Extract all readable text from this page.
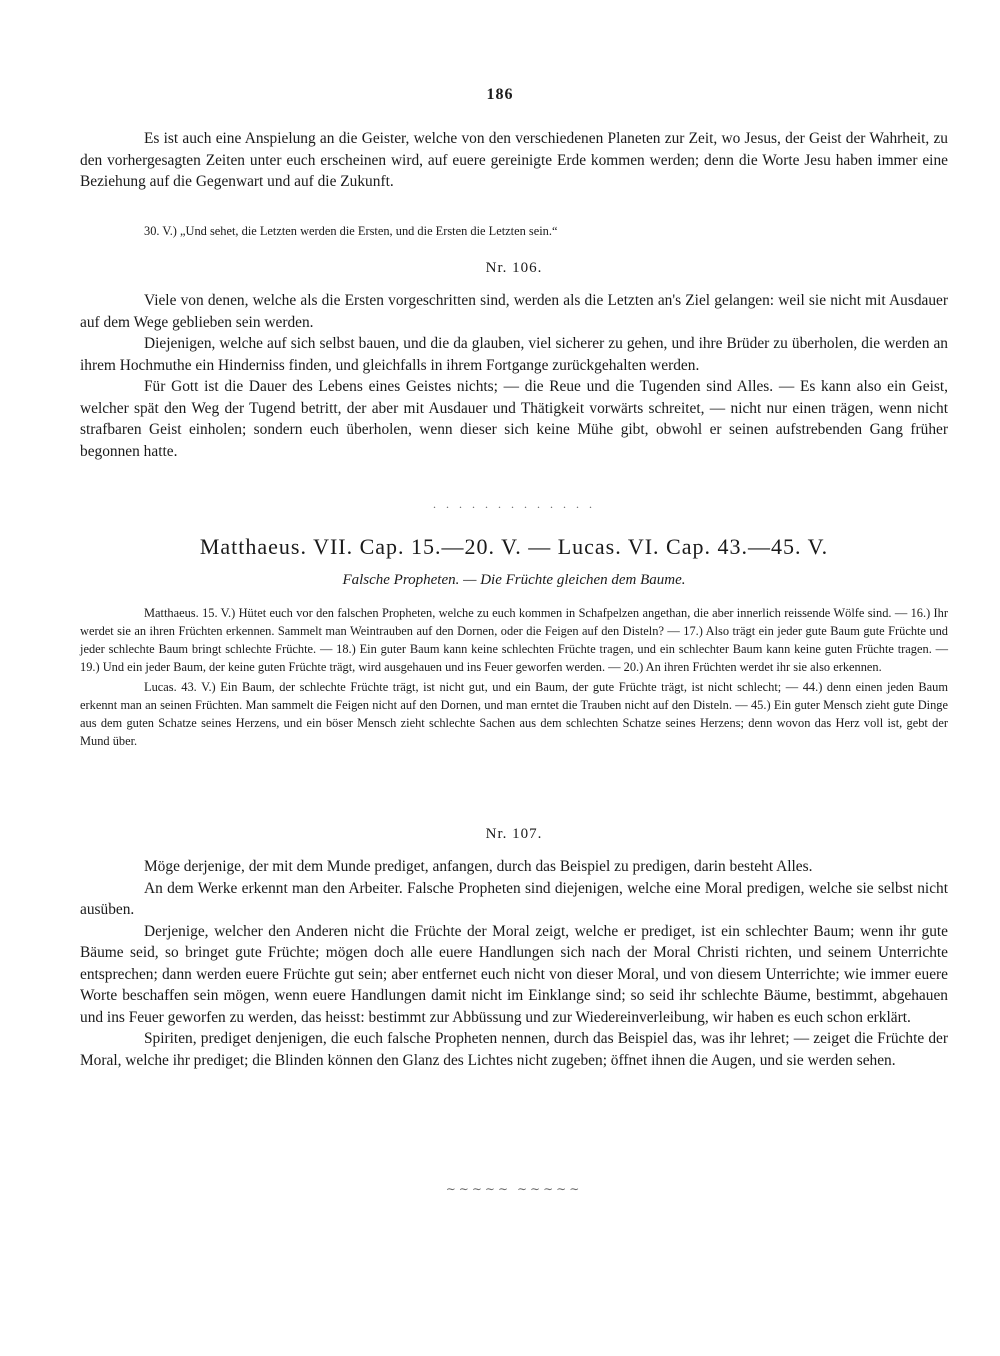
186

Es ist auch eine Anspielung an die Geister, welche von den verschiedenen Planeten zur Zeit, wo Jesus, der Geist der Wahrheit, zu den vorhergesagten Zeiten unter euch erscheinen wird, auf euere gereinigte Erde kommen werden; denn die Worte Jesu haben immer eine Beziehung auf die Gegenwart und auf die Zukunft.

30. V.) „Und sehet, die Letzten werden die Ersten, und die Ersten die Letzten sein.“

Nr. 106.

Viele von denen, welche als die Ersten vorgeschritten sind, werden als die Letzten an's Ziel gelangen: weil sie nicht mit Ausdauer auf dem Wege geblieben sein werden.

Diejenigen, welche auf sich selbst bauen, und die da glauben, viel sicherer zu gehen, und ihre Brüder zu überholen, die werden an ihrem Hochmuthe ein Hinderniss finden, und gleichfalls in ihrem Fortgange zurückgehalten werden.

Für Gott ist die Dauer des Lebens eines Geistes nichts; — die Reue und die Tugenden sind Alles. — Es kann also ein Geist, welcher spät den Weg der Tugend betritt, der aber mit Ausdauer und Thätigkeit vorwärts schreitet, — nicht nur einen trägen, wenn nicht strafbaren Geist einholen; sondern euch überholen, wenn dieser sich keine Mühe gibt, obwohl er seinen aufstrebenden Gang früher begonnen hatte.

· · · · · · · · · · · · ·

Matthaeus. VII. Cap. 15.—20. V. — Lucas. VI. Cap. 43.—45. V.

Falsche Propheten. — Die Früchte gleichen dem Baume.

Matthaeus. 15. V.) Hütet euch vor den falschen Propheten, welche zu euch kommen in Schafpelzen angethan, die aber innerlich reissende Wölfe sind. — 16.) Ihr werdet sie an ihren Früchten erkennen. Sammelt man Weintrauben auf den Dornen, oder die Feigen auf den Disteln? — 17.) Also trägt ein jeder gute Baum gute Früchte und jeder schlechte Baum bringt schlechte Früchte. — 18.) Ein guter Baum kann keine schlechten Früchte tragen, und ein schlechter Baum kann keine guten Früchte tragen. — 19.) Und ein jeder Baum, der keine guten Früchte trägt, wird ausgehauen und ins Feuer geworfen werden. — 20.) An ihren Früchten werdet ihr sie also erkennen.

Lucas. 43. V.) Ein Baum, der schlechte Früchte trägt, ist nicht gut, und ein Baum, der gute Früchte trägt, ist nicht schlecht; — 44.) denn einen jeden Baum erkennt man an seinen Früchten. Man sammelt die Feigen nicht auf den Dornen, und man erntet die Trauben nicht auf den Disteln. — 45.) Ein guter Mensch zieht gute Dinge aus dem guten Schatze seines Herzens, und ein böser Mensch zieht schlechte Sachen aus dem schlechten Schatze seines Herzens; denn wovon das Herz voll ist, gebt der Mund über.

Nr. 107.

Möge derjenige, der mit dem Munde prediget, anfangen, durch das Beispiel zu predigen, darin besteht Alles.

An dem Werke erkennt man den Arbeiter. Falsche Propheten sind diejenigen, welche eine Moral predigen, welche sie selbst nicht ausüben.

Derjenige, welcher den Anderen nicht die Früchte der Moral zeigt, welche er prediget, ist ein schlechter Baum; wenn ihr gute Bäume seid, so bringet gute Früchte; mögen doch alle euere Handlungen sich nach der Moral Christi richten, und seinem Unterrichte entsprechen; dann werden euere Früchte gut sein; aber entfernet euch nicht von dieser Moral, und von diesem Unterrichte; wie immer euere Worte beschaffen sein mögen, wenn euere Handlungen damit nicht im Einklange sind; so seid ihr schlechte Bäume, bestimmt, abgehauen und ins Feuer geworfen zu werden, das heisst: bestimmt zur Abbüssung und zur Wiedereinverleibung, wir haben es euch schon erklärt.

Spiriten, prediget denjenigen, die euch falsche Propheten nennen, durch das Beispiel das, was ihr lehret; — zeiget die Früchte der Moral, welche ihr prediget; die Blinden können den Glanz des Lichtes nicht zugeben; öffnet ihnen die Augen, und sie werden sehen.

∼∼∼∼∼ ∼∼∼∼∼
